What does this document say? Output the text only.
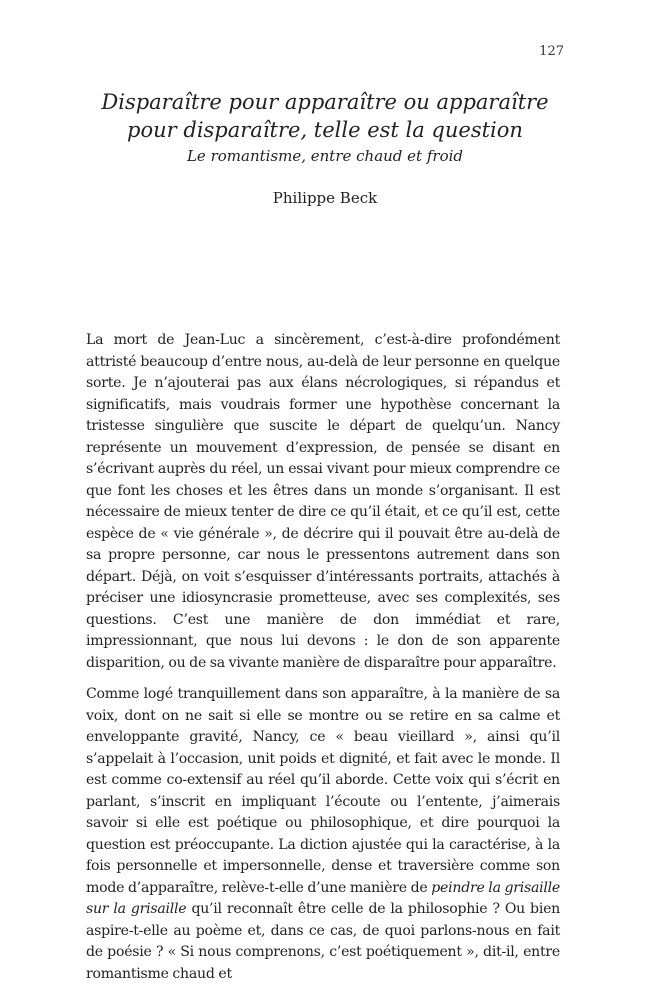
127
Disparaître pour apparaître ou apparaître
pour disparaître, telle est la question
Le romantisme, entre chaud et froid
Philippe Beck

La mort de Jean-Luc a sincèrement, c’est-à-dire profondément attristé beaucoup d’entre nous, au-delà de leur personne en quelque sorte. Je n’ajouterai pas aux élans nécrologiques, si répandus et significatifs, mais voudrais former une hypothèse concernant la tristesse singulière que suscite le départ de quelqu’un. Nancy représente un mouvement d’expression, de pensée se disant en s’écrivant auprès du réel, un essai vivant pour mieux comprendre ce que font les choses et les êtres dans un monde s’organisant. Il est nécessaire de mieux tenter de dire ce qu’il était, et ce qu’il est, cette espèce de « vie générale », de décrire qui il pouvait être au-delà de sa propre personne, car nous le pressentons autrement dans son départ. Déjà, on voit s’esquisser d’intéressants portraits, attachés à préciser une idiosyncrasie prometteuse, avec ses complexités, ses questions. C’est une manière de don immédiat et rare, impressionnant, que nous lui devons : le don de son apparente disparition, ou de sa vivante manière de disparaître pour apparaître.

Comme logé tranquillement dans son apparaître, à la manière de sa voix, dont on ne sait si elle se montre ou se retire en sa calme et enveloppante gravité, Nancy, ce « beau vieillard », ainsi qu’il s’appelait à l’occasion, unit poids et dignité, et fait avec le monde. Il est comme co-extensif au réel qu’il aborde. Cette voix qui s’écrit en parlant, s’inscrit en impliquant l’écoute ou l’entente, j’aimerais savoir si elle est poétique ou philosophique, et dire pourquoi la question est préoccupante. La diction ajustée qui la caractérise, à la fois personnelle et impersonnelle, dense et traversière comme son mode d’apparaître, relève-t-elle d’une manière de peindre la grisaille sur la grisaille qu’il reconnaît être celle de la philosophie ? Ou bien aspire-t-elle au poème et, dans ce cas, de quoi parlons-nous en fait de poésie ? « Si nous comprenons, c’est poétiquement », dit-il, entre romantisme chaud et
